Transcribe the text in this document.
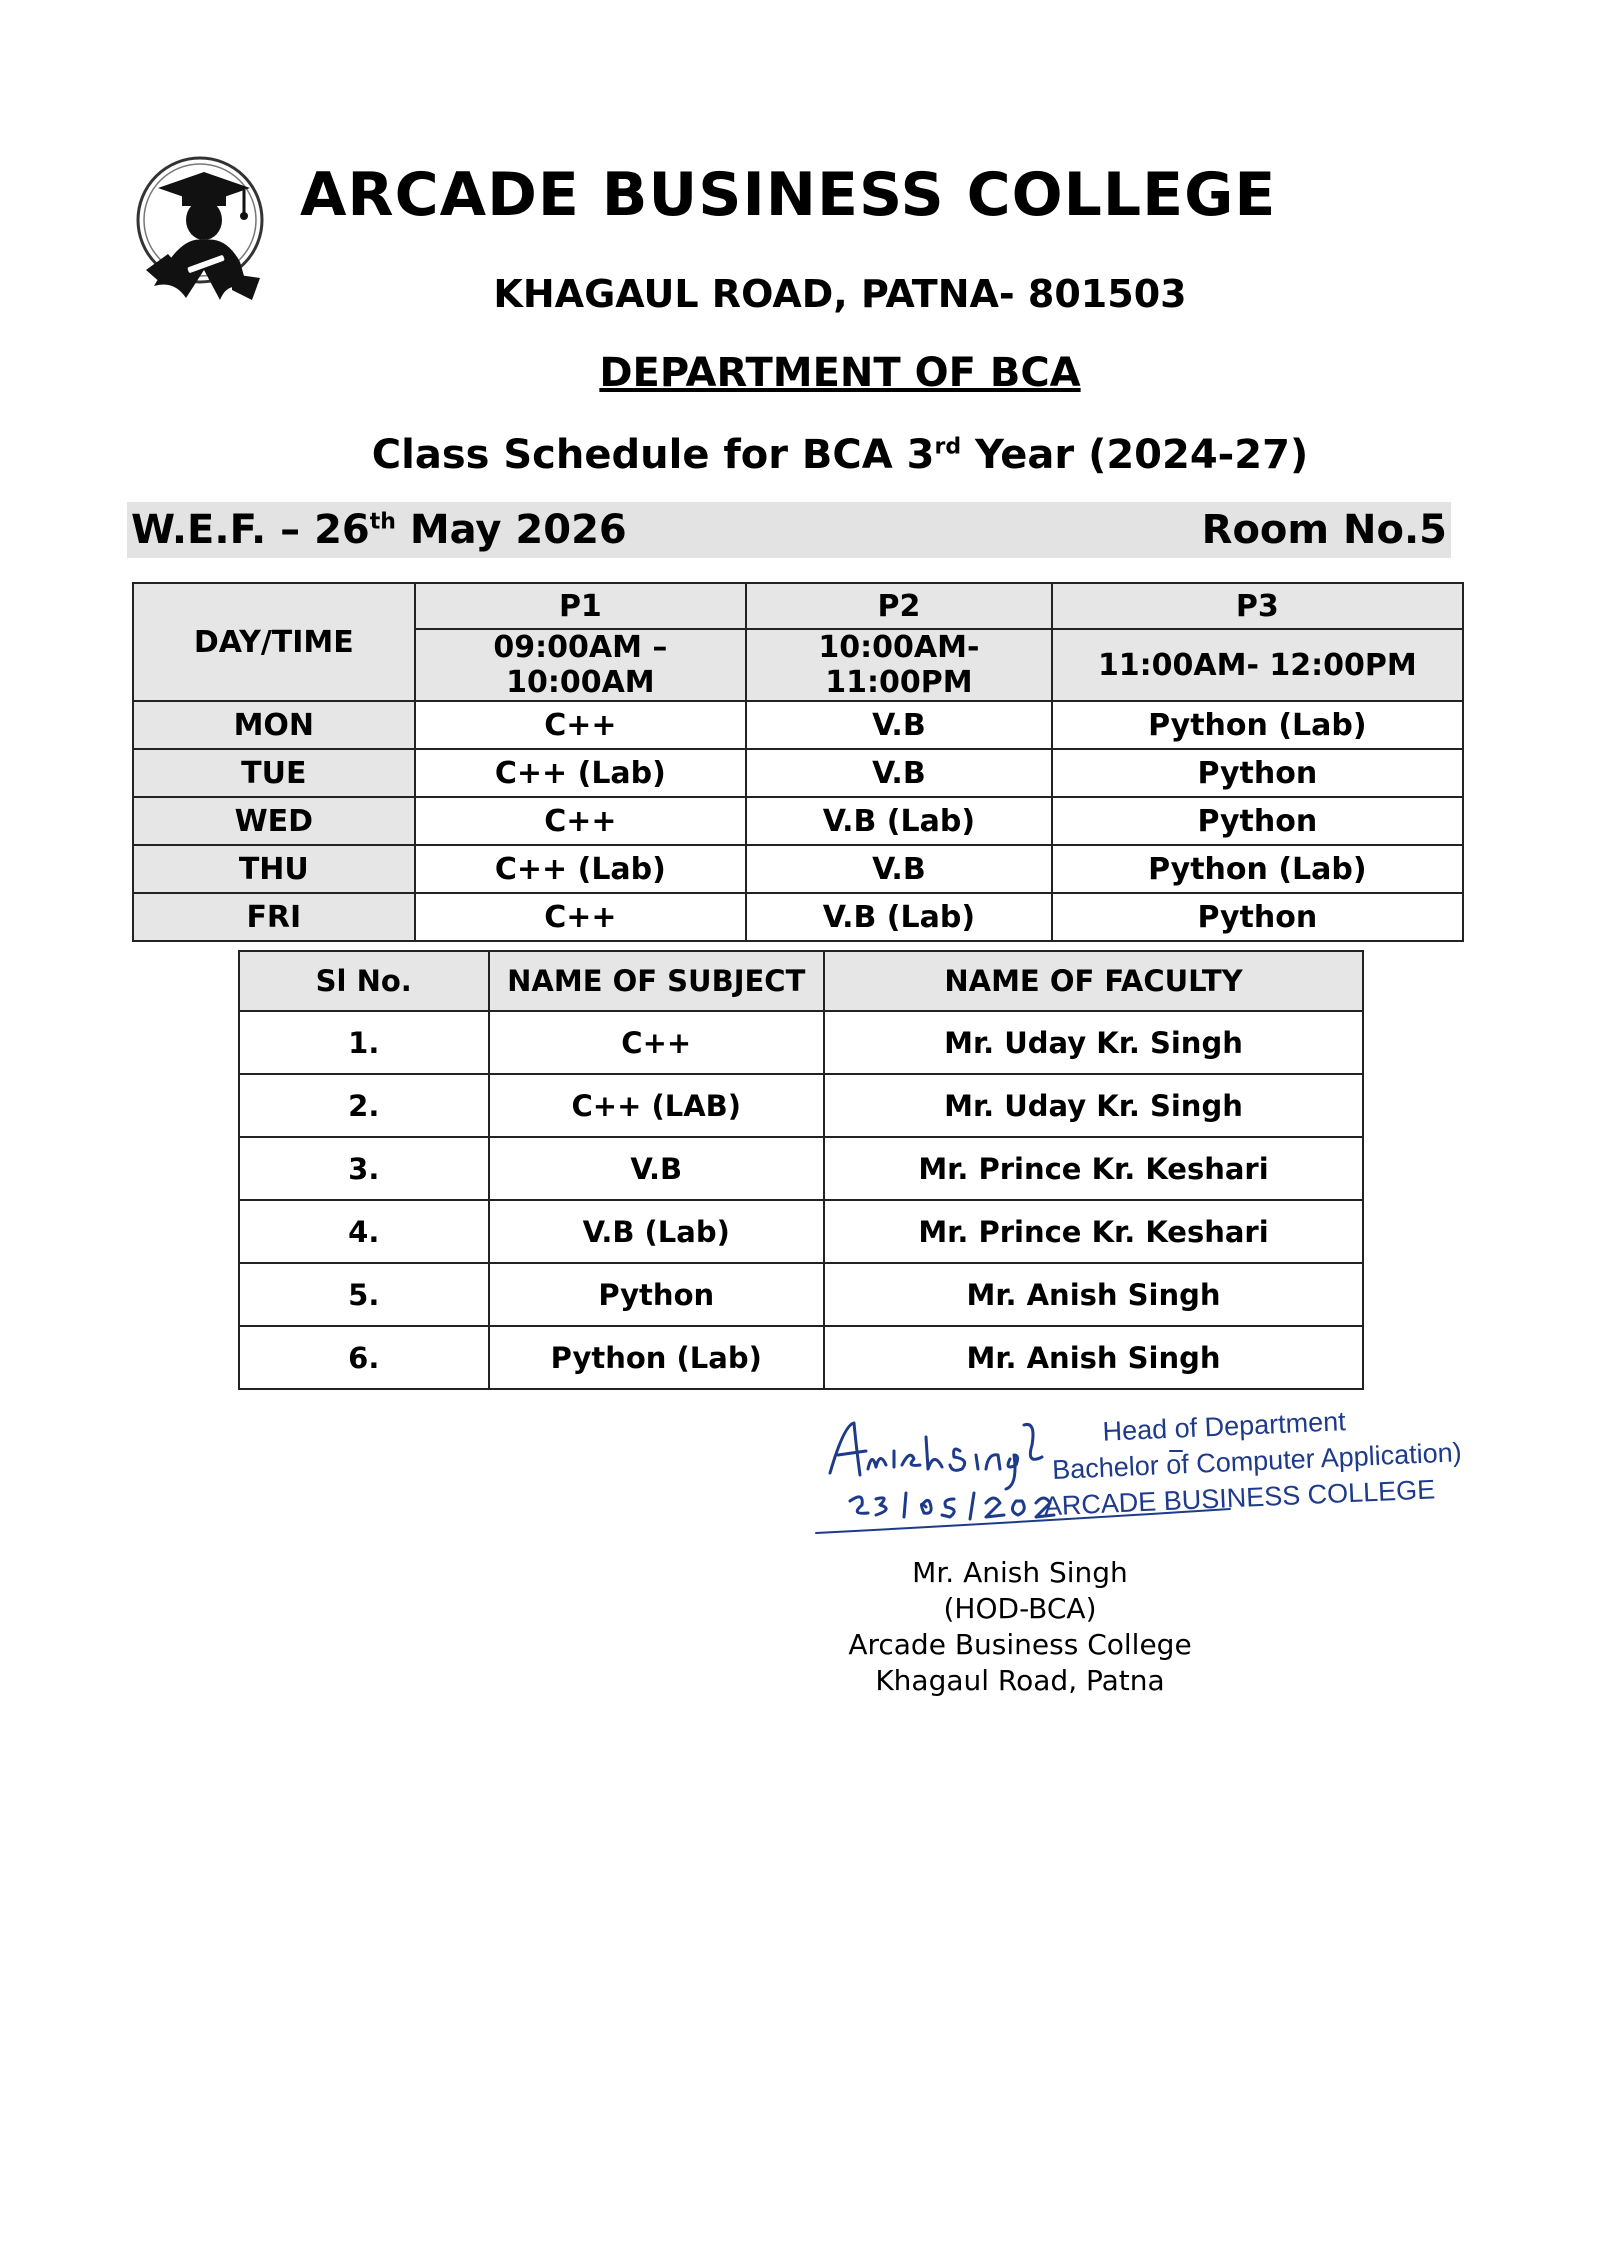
ARCADE BUSINESS COLLEGE
KHAGAUL ROAD, PATNA- 801503
DEPARTMENT OF BCA
Class Schedule for BCA 3rd Year (2024-27)
W.E.F. – 26th May 2026	Room No.5
DAY/TIME	P1	P2	P3
	09:00AM – 10:00AM	10:00AM-11:00PM	11:00AM- 12:00PM
MON	C++	V.B	Python (Lab)
TUE	C++ (Lab)	V.B	Python
WED	C++	V.B (Lab)	Python
THU	C++ (Lab)	V.B	Python (Lab)
FRI	C++	V.B (Lab)	Python
Sl No.	NAME OF SUBJECT	NAME OF FACULTY
1.	C++	Mr. Uday Kr. Singh
2.	C++ (LAB)	Mr. Uday Kr. Singh
3.	V.B	Mr. Prince Kr. Keshari
4.	V.B (Lab)	Mr. Prince Kr. Keshari
5.	Python	Mr. Anish Singh
6.	Python (Lab)	Mr. Anish Singh
Head of Department
Bachelor of Computer Application)
ARCADE BUSINESS COLLEGE
Mr. Anish Singh
(HOD-BCA)
Arcade Business College
Khagaul Road, Patna
